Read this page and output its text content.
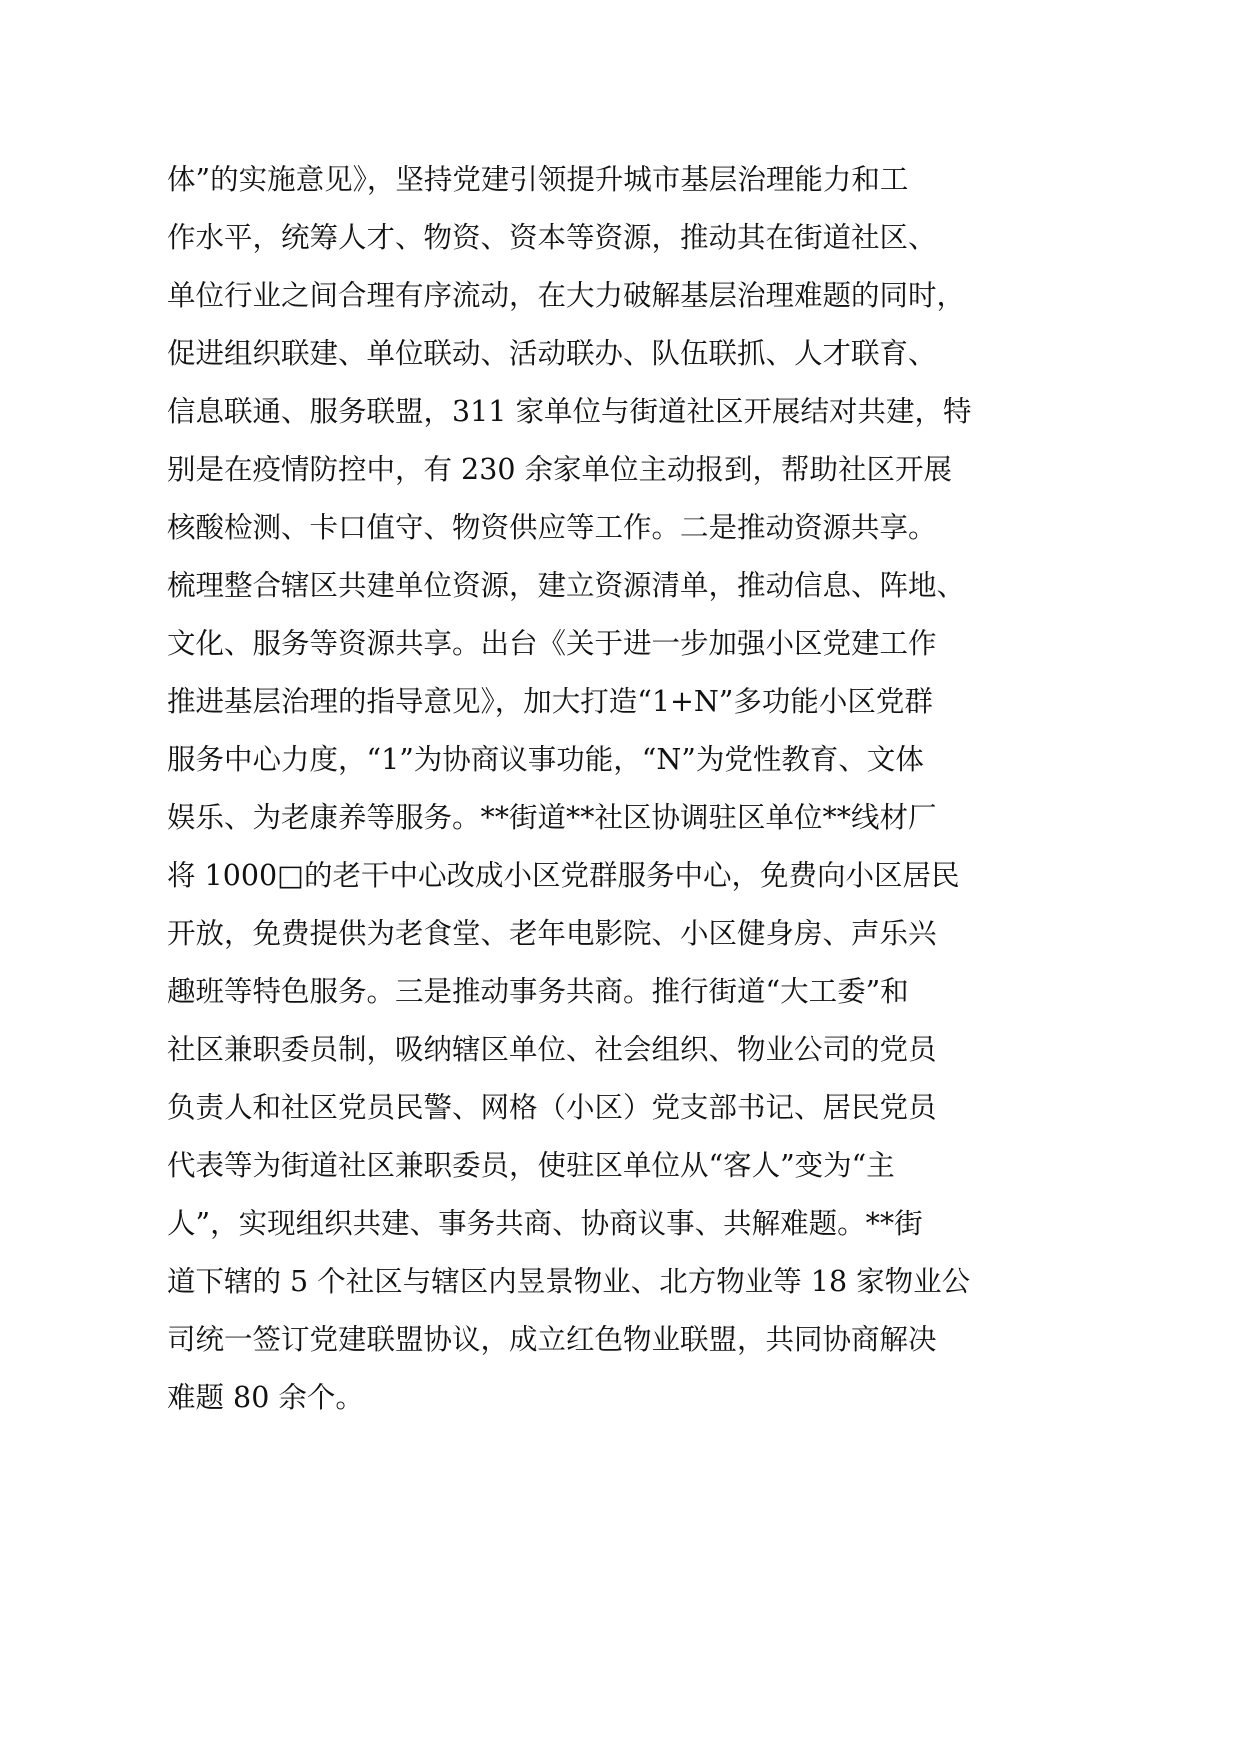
体”的实施意见》，坚持党建引领提升城市基层治理能力和工
作水平，统筹人才、物资、资本等资源，推动其在街道社区、
单位行业之间合理有序流动，在大力破解基层治理难题的同时，
促进组织联建、单位联动、活动联办、队伍联抓、人才联育、
信息联通、服务联盟，311 家单位与街道社区开展结对共建，特
别是在疫情防控中，有 230 余家单位主动报到，帮助社区开展
核酸检测、卡口值守、物资供应等工作。二是推动资源共享。
梳理整合辖区共建单位资源，建立资源清单，推动信息、阵地、
文化、服务等资源共享。出台《关于进一步加强小区党建工作
推进基层治理的指导意见》，加大打造“1+N”多功能小区党群
服务中心力度，“1”为协商议事功能，“N”为党性教育、文体
娱乐、为老康养等服务。**街道**社区协调驻区单位**线材厂
将 1000□的老干中心改成小区党群服务中心，免费向小区居民
开放，免费提供为老食堂、老年电影院、小区健身房、声乐兴
趣班等特色服务。三是推动事务共商。推行街道“大工委”和
社区兼职委员制，吸纳辖区单位、社会组织、物业公司的党员
负责人和社区党员民警、网格（小区）党支部书记、居民党员
代表等为街道社区兼职委员，使驻区单位从“客人”变为“主
人”，实现组织共建、事务共商、协商议事、共解难题。**街
道下辖的 5 个社区与辖区内昱景物业、北方物业等 18 家物业公
司统一签订党建联盟协议，成立红色物业联盟，共同协商解决
难题 80 余个。
